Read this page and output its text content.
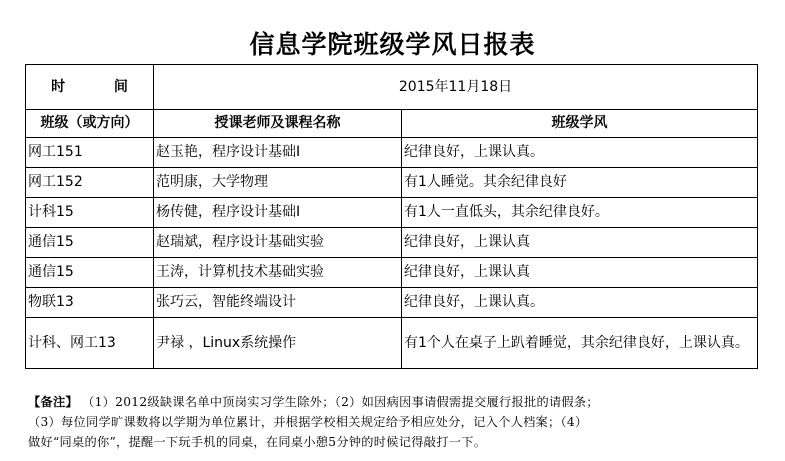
信息学院班级学风日报表
时 间	2015年11月18日	
班级（或方向）	授课老师及课程名称	班级学风
网工151	赵玉艳，程序设计基础I	纪律良好，上课认真。
网工152	范明康，大学物理	有1人睡觉。其余纪律良好
计科15	杨传健，程序设计基础I	有1人一直低头，其余纪律良好。
通信15	赵瑞斌，程序设计基础实验	纪律良好，上课认真
通信15	王涛，计算机技术基础实验	纪律良好，上课认真
物联13	张巧云，智能终端设计	纪律良好，上课认真。
计科、网工13	尹禄 ，Linux系统操作	有1个人在桌子上趴着睡觉，其余纪律良好，上课认真。
【备注】 （1）2012级缺课名单中顶岗实习学生除外；（2）如因病因事请假需提交履行报批的请假条；
（3）每位同学旷课数将以学期为单位累计，并根据学校相关规定给予相应处分，记入个人档案；（4）
做好“同桌的你”，提醒一下玩手机的同桌，在同桌小憩5分钟的时候记得敲打一下。
